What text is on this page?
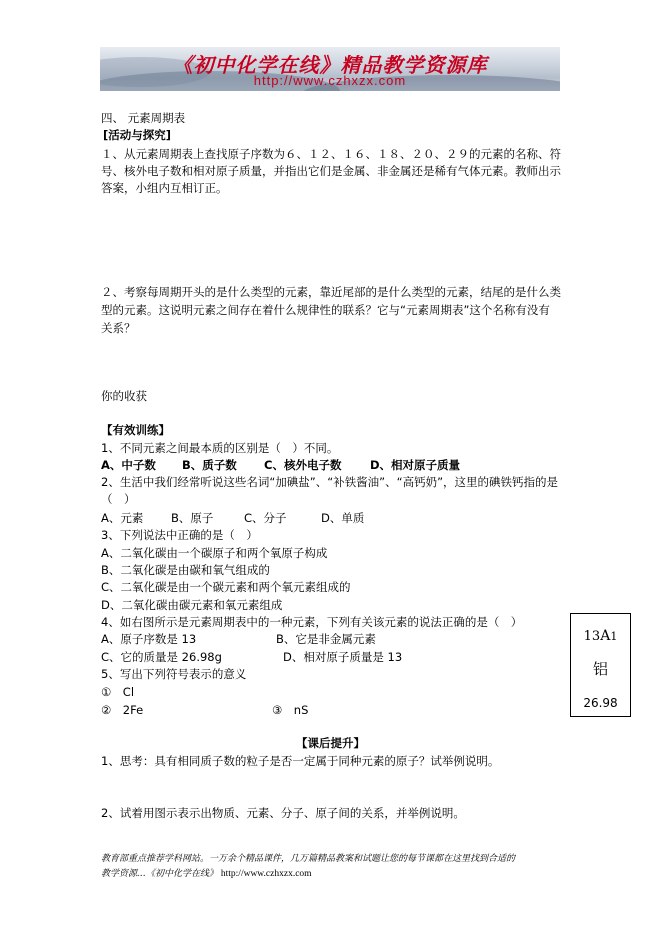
《初中化学在线》精品教学资源库
http://www.czhxzx.com
四、 元素周期表
[活动与探究]
１、从元素周期表上查找原子序数为６、１２、１６、１８、２０、２９的元素的名称、符
号、核外电子数和相对原子质量，并指出它们是金属、非金属还是稀有气体元素。教师出示
答案，小组内互相订正。
２、考察每周期开头的是什么类型的元素，靠近尾部的是什么类型的元素，结尾的是什么类
型的元素。这说明元素之间存在着什么规律性的联系？它与“元素周期表”这个名称有没有
关系？
你的收获
【有效训练】
1、不同元素之间最本质的区别是（　）不同。
A、中子数 B、质子数 C、核外电子数 D、相对原子质量
2、生活中我们经常听说这些名词“加碘盐”、“补铁酱油”、“高钙奶”，这里的碘铁钙指的是
（　）
A、元素 B、原子	C、分子	D、单质
3、下列说法中正确的是（　）
A、二氧化碳由一个碳原子和两个氧原子构成
B、二氧化碳是由碳和氧气组成的
C、二氧化碳是由一个碳元素和两个氧元素组成的
D、二氧化碳由碳元素和氧元素组成
4、如右图所示是元素周期表中的一种元素，下列有关该元素的说法正确的是（　）
A、原子序数是 13	B、它是非金属元素
C、它的质量是 26.98g	D、相对原子质量是 13
5、写出下列符号表示的意义
①　Cl
②　2Fe	③　nS
13A1
铝
26.98
【课后提升】
1、思考：具有相同质子数的粒子是否一定属于同种元素的原子？试举例说明。
2、试着用图示表示出物质、元素、分子、原子间的关系，并举例说明。
教育部重点推荐学科网站。一万余个精品课件，几万篇精品教案和试题让您的每节课都在这里找到合适的
教学资源…《初中化学在线》 http://www.czhxzx.com
